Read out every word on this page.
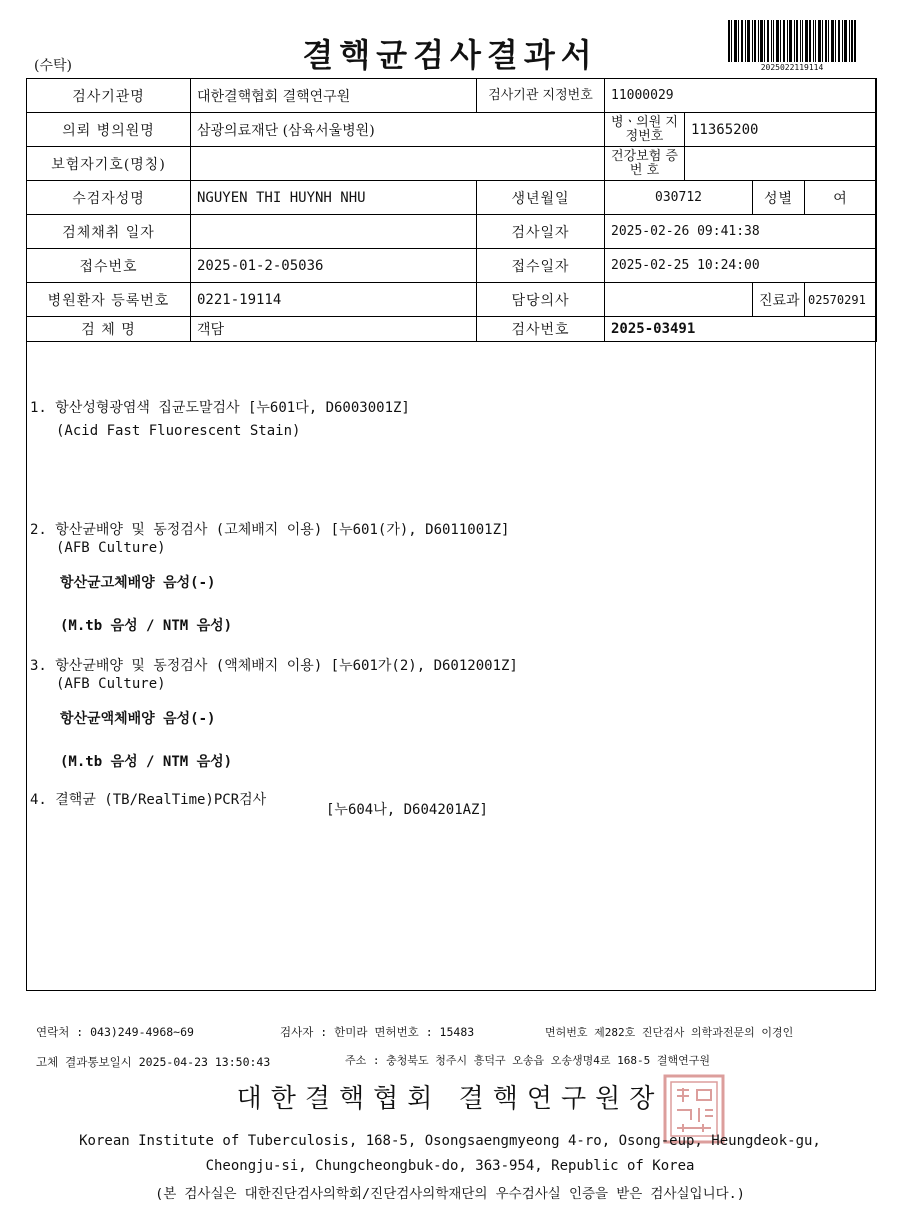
(수탁)	결핵균검사결과서	2025022119114
검사기관명	대한결핵협회 결핵연구원	검사기관 지정번호	11000029			
의뢰 병의원명	삼광의료재단 (삼육서울병원)		병ㆍ의원 지정번호	11365200		
보험자기호(명칭)			건강보험 증 번 호			
수검자성명	NGUYEN THI HUYNH NHU	생년월일	030712		성별	여
검체채취 일자		검사일자	2025-02-26 09:41:38			
접수번호	2025-01-2-05036	접수일자	2025-02-25 10:24:00			
병원환자 등록번호	0221-19114	담당의사			진료과	02570291
검 체 명	객담	검사번호	2025-03491			
1. 항산성형광염색 집균도말검사 [누601다, D6003001Z]
(Acid Fast Fluorescent Stain)
2. 항산균배양 및 동정검사 (고체배지 이용) [누601(가), D6011001Z]
(AFB Culture)
항산균고체배양 음성(-)
(M.tb 음성 / NTM 음성)
3. 항산균배양 및 동정검사 (액체배지 이용) [누601가(2), D6012001Z]
(AFB Culture)
항산균액체배양 음성(-)
(M.tb 음성 / NTM 음성)
4. 결핵균 (TB/RealTime)PCR검사
[누604나, D604201AZ]
연락처 : 043)249-4968~69	검사자 : 한미라 면허번호 : 15483	면허번호 제282호 진단검사 의학과전문의 이경인
고체 결과통보일시 2025-04-23 13:50:43	주소 : 충청북도 청주시 흥덕구 오송읍 오송생명4로 168-5 결핵연구원
대한결핵협회 결핵연구원장
Korean Institute of Tuberculosis, 168-5, Osongsaengmyeong 4-ro, Osong-eup, Heungdeok-gu,
Cheongju-si, Chungcheongbuk-do, 363-954, Republic of Korea
(본 검사실은 대한진단검사의학회/진단검사의학재단의 우수검사실 인증을 받은 검사실입니다.)
